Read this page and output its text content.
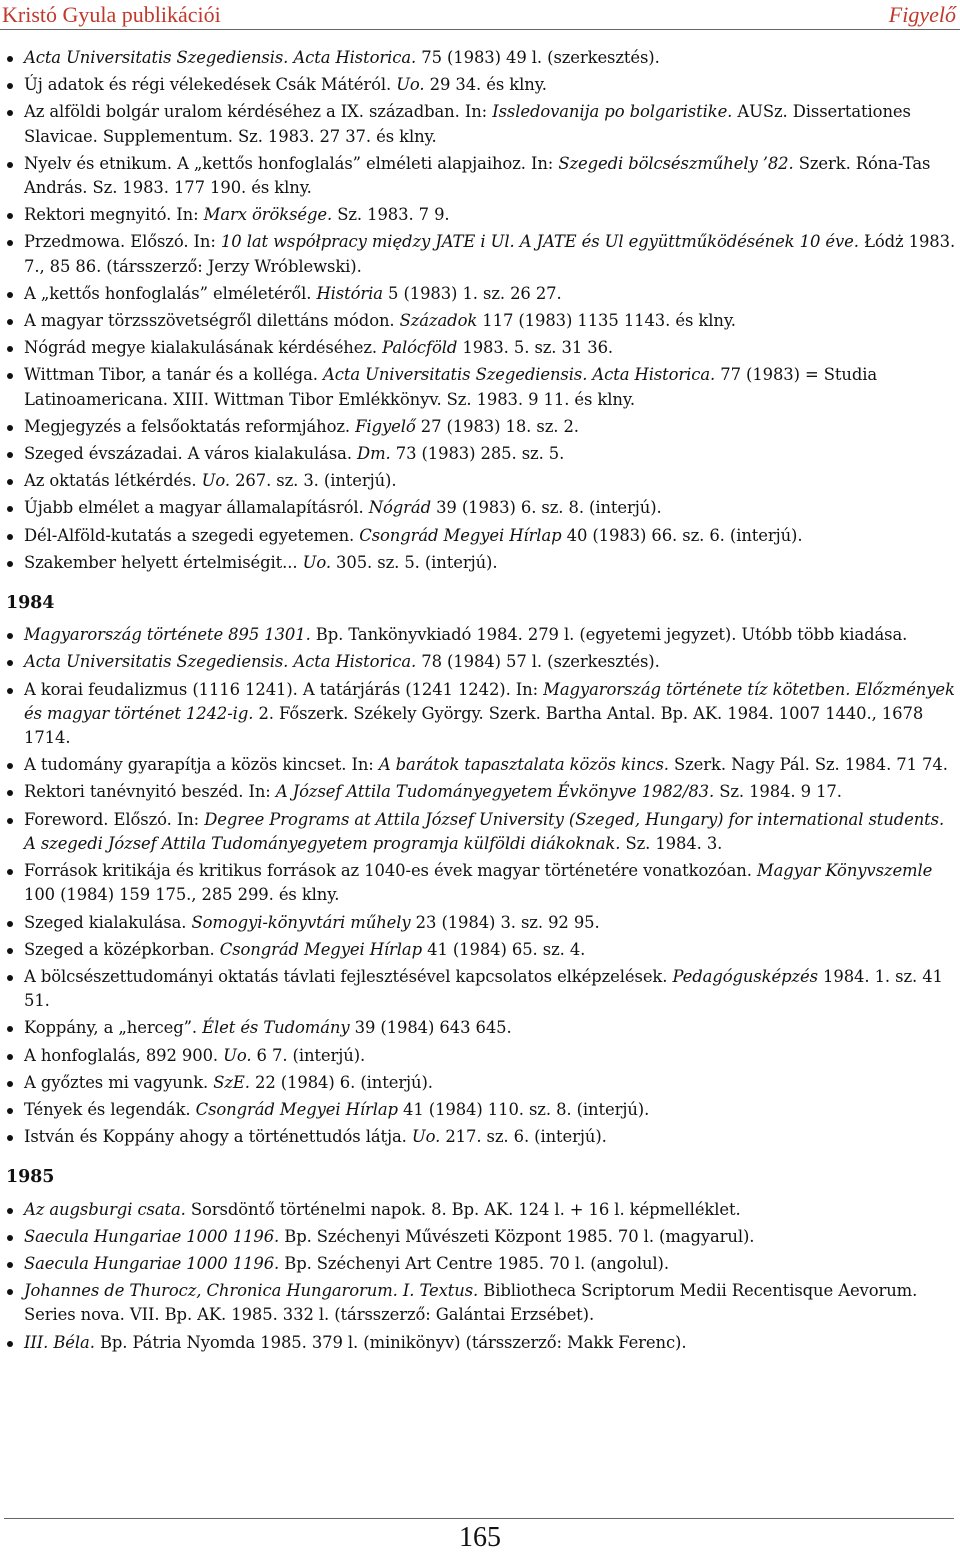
Kristó Gyula publikációi	Figyelő
Acta Universitatis Szegediensis. Acta Historica. 75 (1983) 49 l. (szerkesztés).
Új adatok és régi vélekedések Csák Mátéról. Uo. 29 34. és klny.
Az alföldi bolgár uralom kérdéséhez a IX. században. In: Issledovanija po bolgaristike. AUSz. Dissertationes Slavicae. Supplementum. Sz. 1983. 27 37. és klny.
Nyelv és etnikum. A „kettős honfoglalás” elméleti alapjaihoz. In: Szegedi bölcsészműhely ’82. Szerk. Róna-Tas András. Sz. 1983. 177 190. és klny.
Rektori megnyitó. In: Marx öröksége. Sz. 1983. 7 9.
Przedmowa. Előszó. In: 10 lat współpracy między JATE i Ul. A JATE és Ul együttműködésének 10 éve. Łódż 1983. 7., 85 86. (társszerző: Jerzy Wróblewski).
A „kettős honfoglalás” elméletéről. História 5 (1983) 1. sz. 26 27.
A magyar törzsszövetségről dilettáns módon. Századok 117 (1983) 1135 1143. és klny.
Nógrád megye kialakulásának kérdéséhez. Palócföld 1983. 5. sz. 31 36.
Wittman Tibor, a tanár és a kolléga. Acta Universitatis Szegediensis. Acta Historica. 77 (1983) = Studia Latinoamericana. XIII. Wittman Tibor Emlékkönyv. Sz. 1983. 9 11. és klny.
Megjegyzés a felsőoktatás reformjához. Figyelő 27 (1983) 18. sz. 2.
Szeged évszázadai. A város kialakulása. Dm. 73 (1983) 285. sz. 5.
Az oktatás létkérdés. Uo. 267. sz. 3. (interjú).
Újabb elmélet a magyar államalapításról. Nógrád 39 (1983) 6. sz. 8. (interjú).
Dél-Alföld-kutatás a szegedi egyetemen. Csongrád Megyei Hírlap 40 (1983) 66. sz. 6. (interjú).
Szakember helyett értelmiségit... Uo. 305. sz. 5. (interjú).
1984
Magyarország története 895 1301. Bp. Tankönyvkiadó 1984. 279 l. (egyetemi jegyzet). Utóbb több kiadása.
Acta Universitatis Szegediensis. Acta Historica. 78 (1984) 57 l. (szerkesztés).
A korai feudalizmus (1116 1241). A tatárjárás (1241 1242). In: Magyarország története tíz kötetben. Előzmények és magyar történet 1242-ig. 2. Főszerk. Székely György. Szerk. Bartha Antal. Bp. AK. 1984. 1007 1440., 1678 1714.
A tudomány gyarapítja a közös kincset. In: A barátok tapasztalata közös kincs. Szerk. Nagy Pál. Sz. 1984. 71 74.
Rektori tanévnyitó beszéd. In: A József Attila Tudományegyetem Évkönyve 1982/83. Sz. 1984. 9 17.
Foreword. Előszó. In: Degree Programs at Attila József University (Szeged, Hungary) for international students. A szegedi József Attila Tudományegyetem programja külföldi diákoknak. Sz. 1984. 3.
Források kritikája és kritikus források az 1040-es évek magyar történetére vonatkozóan. Magyar Könyvszemle 100 (1984) 159 175., 285 299. és klny.
Szeged kialakulása. Somogyi-könyvtári műhely 23 (1984) 3. sz. 92 95.
Szeged a középkorban. Csongrád Megyei Hírlap 41 (1984) 65. sz. 4.
A bölcsészettudományi oktatás távlati fejlesztésével kapcsolatos elképzelések. Pedagógusképzés 1984. 1. sz. 41 51.
Koppány, a „herceg”. Élet és Tudomány 39 (1984) 643 645.
A honfoglalás, 892 900. Uo. 6 7. (interjú).
A győztes mi vagyunk. SzE. 22 (1984) 6. (interjú).
Tények és legendák. Csongrád Megyei Hírlap 41 (1984) 110. sz. 8. (interjú).
István és Koppány ahogy a történettudós látja. Uo. 217. sz. 6. (interjú).
1985
Az augsburgi csata. Sorsdöntő történelmi napok. 8. Bp. AK. 124 l. + 16 l. képmelléklet.
Saecula Hungariae 1000 1196. Bp. Széchenyi Művészeti Központ 1985. 70 l. (magyarul).
Saecula Hungariae 1000 1196. Bp. Széchenyi Art Centre 1985. 70 l. (angolul).
Johannes de Thurocz, Chronica Hungarorum. I. Textus. Bibliotheca Scriptorum Medii Recentisque Aevorum. Series nova. VII. Bp. AK. 1985. 332 l. (társszerző: Galántai Erzsébet).
III. Béla. Bp. Pátria Nyomda 1985. 379 l. (minikönyv) (társszerző: Makk Ferenc).
165
